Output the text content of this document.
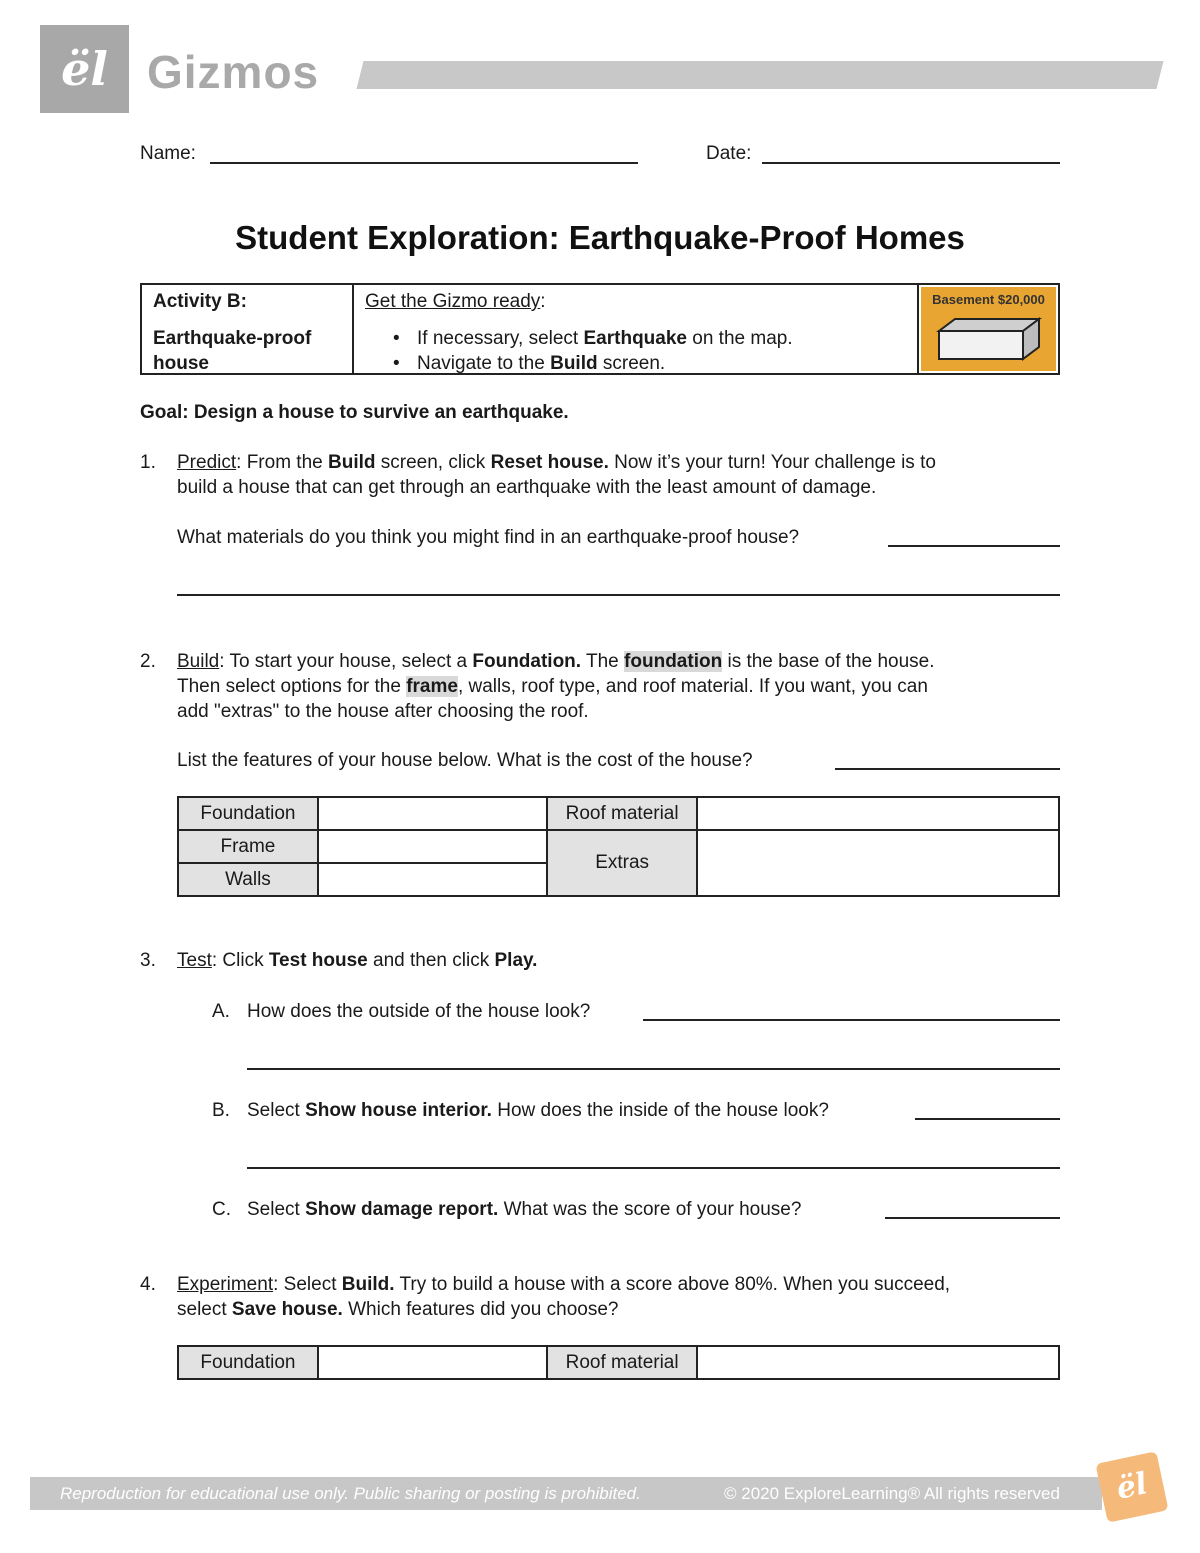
ël Gizmos
Name:	Date:
Student Exploration: Earthquake-Proof Homes
Activity B:
Earthquake-proof house
Get the Gizmo ready:
• If necessary, select Earthquake on the map.
• Navigate to the Build screen.
Basement $20,000
Goal: Design a house to survive an earthquake.
1. Predict: From the Build screen, click Reset house. Now it’s your turn! Your challenge is to
build a house that can get through an earthquake with the least amount of damage.
What materials do you think you might find in an earthquake-proof house?
2. Build: To start your house, select a Foundation. The foundation is the base of the house.
Then select options for the frame, walls, roof type, and roof material. If you want, you can
add "extras" to the house after choosing the roof.
List the features of your house below. What is the cost of the house?
Foundation		Roof material	
Frame		Extras	
Walls			
3. Test: Click Test house and then click Play.
A. How does the outside of the house look?
B. Select Show house interior. How does the inside of the house look?
C. Select Show damage report. What was the score of your house?
4. Experiment: Select Build. Try to build a house with a score above 80%. When you succeed,
select Save house. Which features did you choose?
Foundation		Roof material	
Reproduction for educational use only. Public sharing or posting is prohibited.	© 2020 ExploreLearning® All rights reserved	ël
